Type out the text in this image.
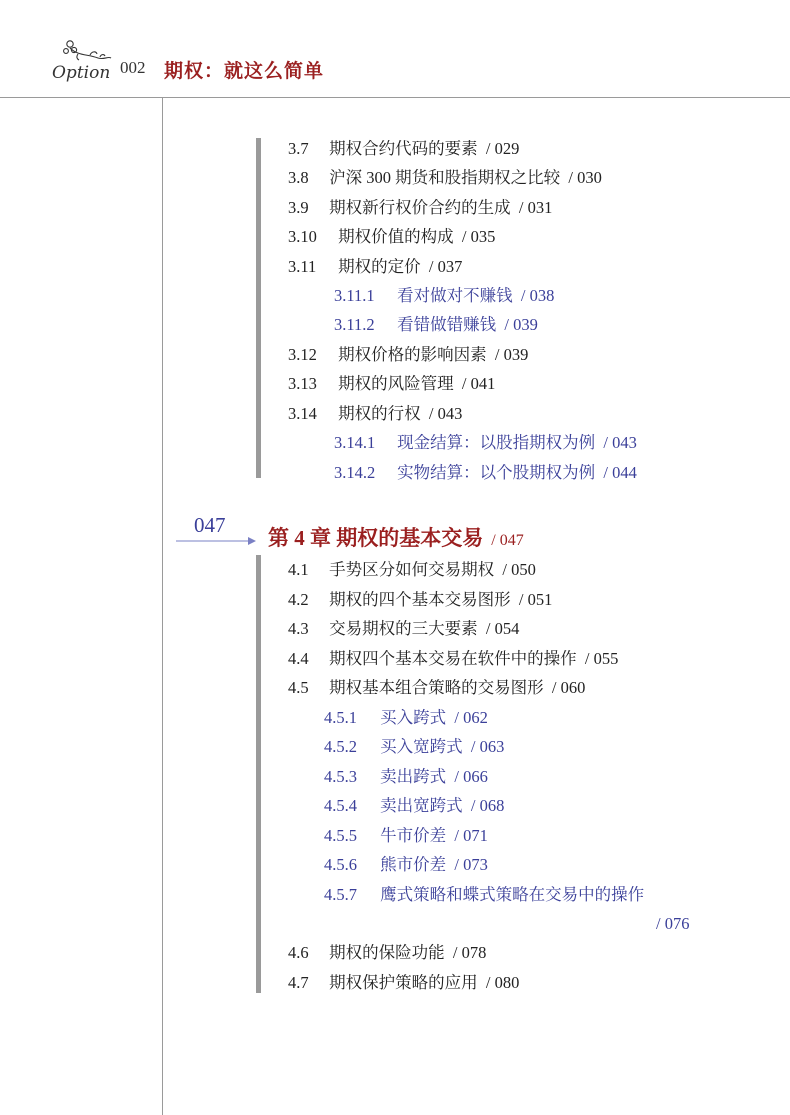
Option 002 期权：就这么简单
3.7 期权合约代码的要素 / 029
3.8 沪深 300 期货和股指期权之比较 / 030
3.9 期权新行权价合约的生成 / 031
3.10 期权价值的构成 / 035
3.11 期权的定价 / 037
3.11.1 看对做对不赚钱 / 038
3.11.2 看错做错赚钱 / 039
3.12 期权价格的影响因素 / 039
3.13 期权的风险管理 / 041
3.14 期权的行权 / 043
3.14.1 现金结算：以股指期权为例 / 043
3.14.2 实物结算：以个股期权为例 / 044
047
第 4 章 期权的基本交易 / 047
4.1 手势区分如何交易期权 / 050
4.2 期权的四个基本交易图形 / 051
4.3 交易期权的三大要素 / 054
4.4 期权四个基本交易在软件中的操作 / 055
4.5 期权基本组合策略的交易图形 / 060
4.5.1 买入跨式 / 062
4.5.2 买入宽跨式 / 063
4.5.3 卖出跨式 / 066
4.5.4 卖出宽跨式 / 068
4.5.5 牛市价差 / 071
4.5.6 熊市价差 / 073
4.5.7 鹰式策略和蝶式策略在交易中的操作
/ 076
4.6 期权的保险功能 / 078
4.7 期权保护策略的应用 / 080
